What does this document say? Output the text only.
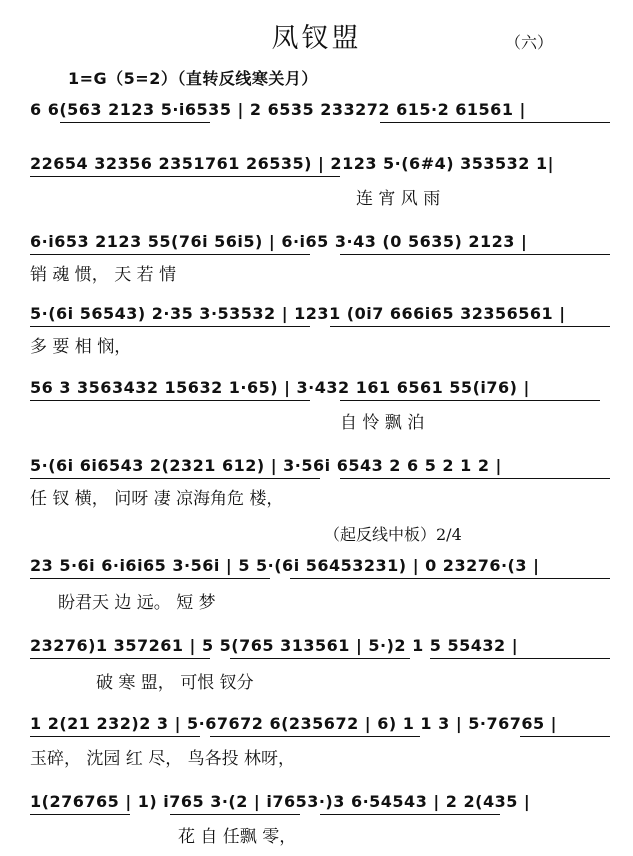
凤钗盟	（六）
1=G（5=2）（直转反线寒关月）
6 6(563 2123 5·i6535 | 2 6535 233272 615·2 61561 |
22654 32356 2351761 26535) | 2123 5·(6#4) 353532 1|
连 宵 风 雨
6·i653 2123 55(76i 56i5) | 6·i65 3·43 (0 5635) 2123 |
销 魂 惯， 天 若 情
5·(6i 56543) 2·35 3·53532 | 1231 (0i7 666i65 32356561 |
多 要 相 悯，
56 3 3563432 15632 1·65) | 3·432 161 6561 55(i76) |
自 怜 飘 泊
5·(6i 6i6543 2(2321 612) | 3·56i 6543 2 6 5 2 1 2 |
任 钗 横， 问呀 凄 凉海角危 楼，
（起反线中板）2/4
23 5·6i 6·i6i65 3·56i | 5 5·(6i 56453231) | 0 23276·(3 |
盼君天 边 远。 短 梦
23276)1 357261 | 5 5(765 313561 | 5·)2 1 5 55432 |
破 寒 盟， 可恨 钗分
1 2(21 232)2 3 | 5·67672 6(235672 | 6) 1 1 3 | 5·76765 |
玉碎， 沈园 红 尽， 鸟各投 林呀，
1(276765 | 1) i765 3·(2 | i7653·)3 6·54543 | 2 2(435 |
花 自 任飘 零，
